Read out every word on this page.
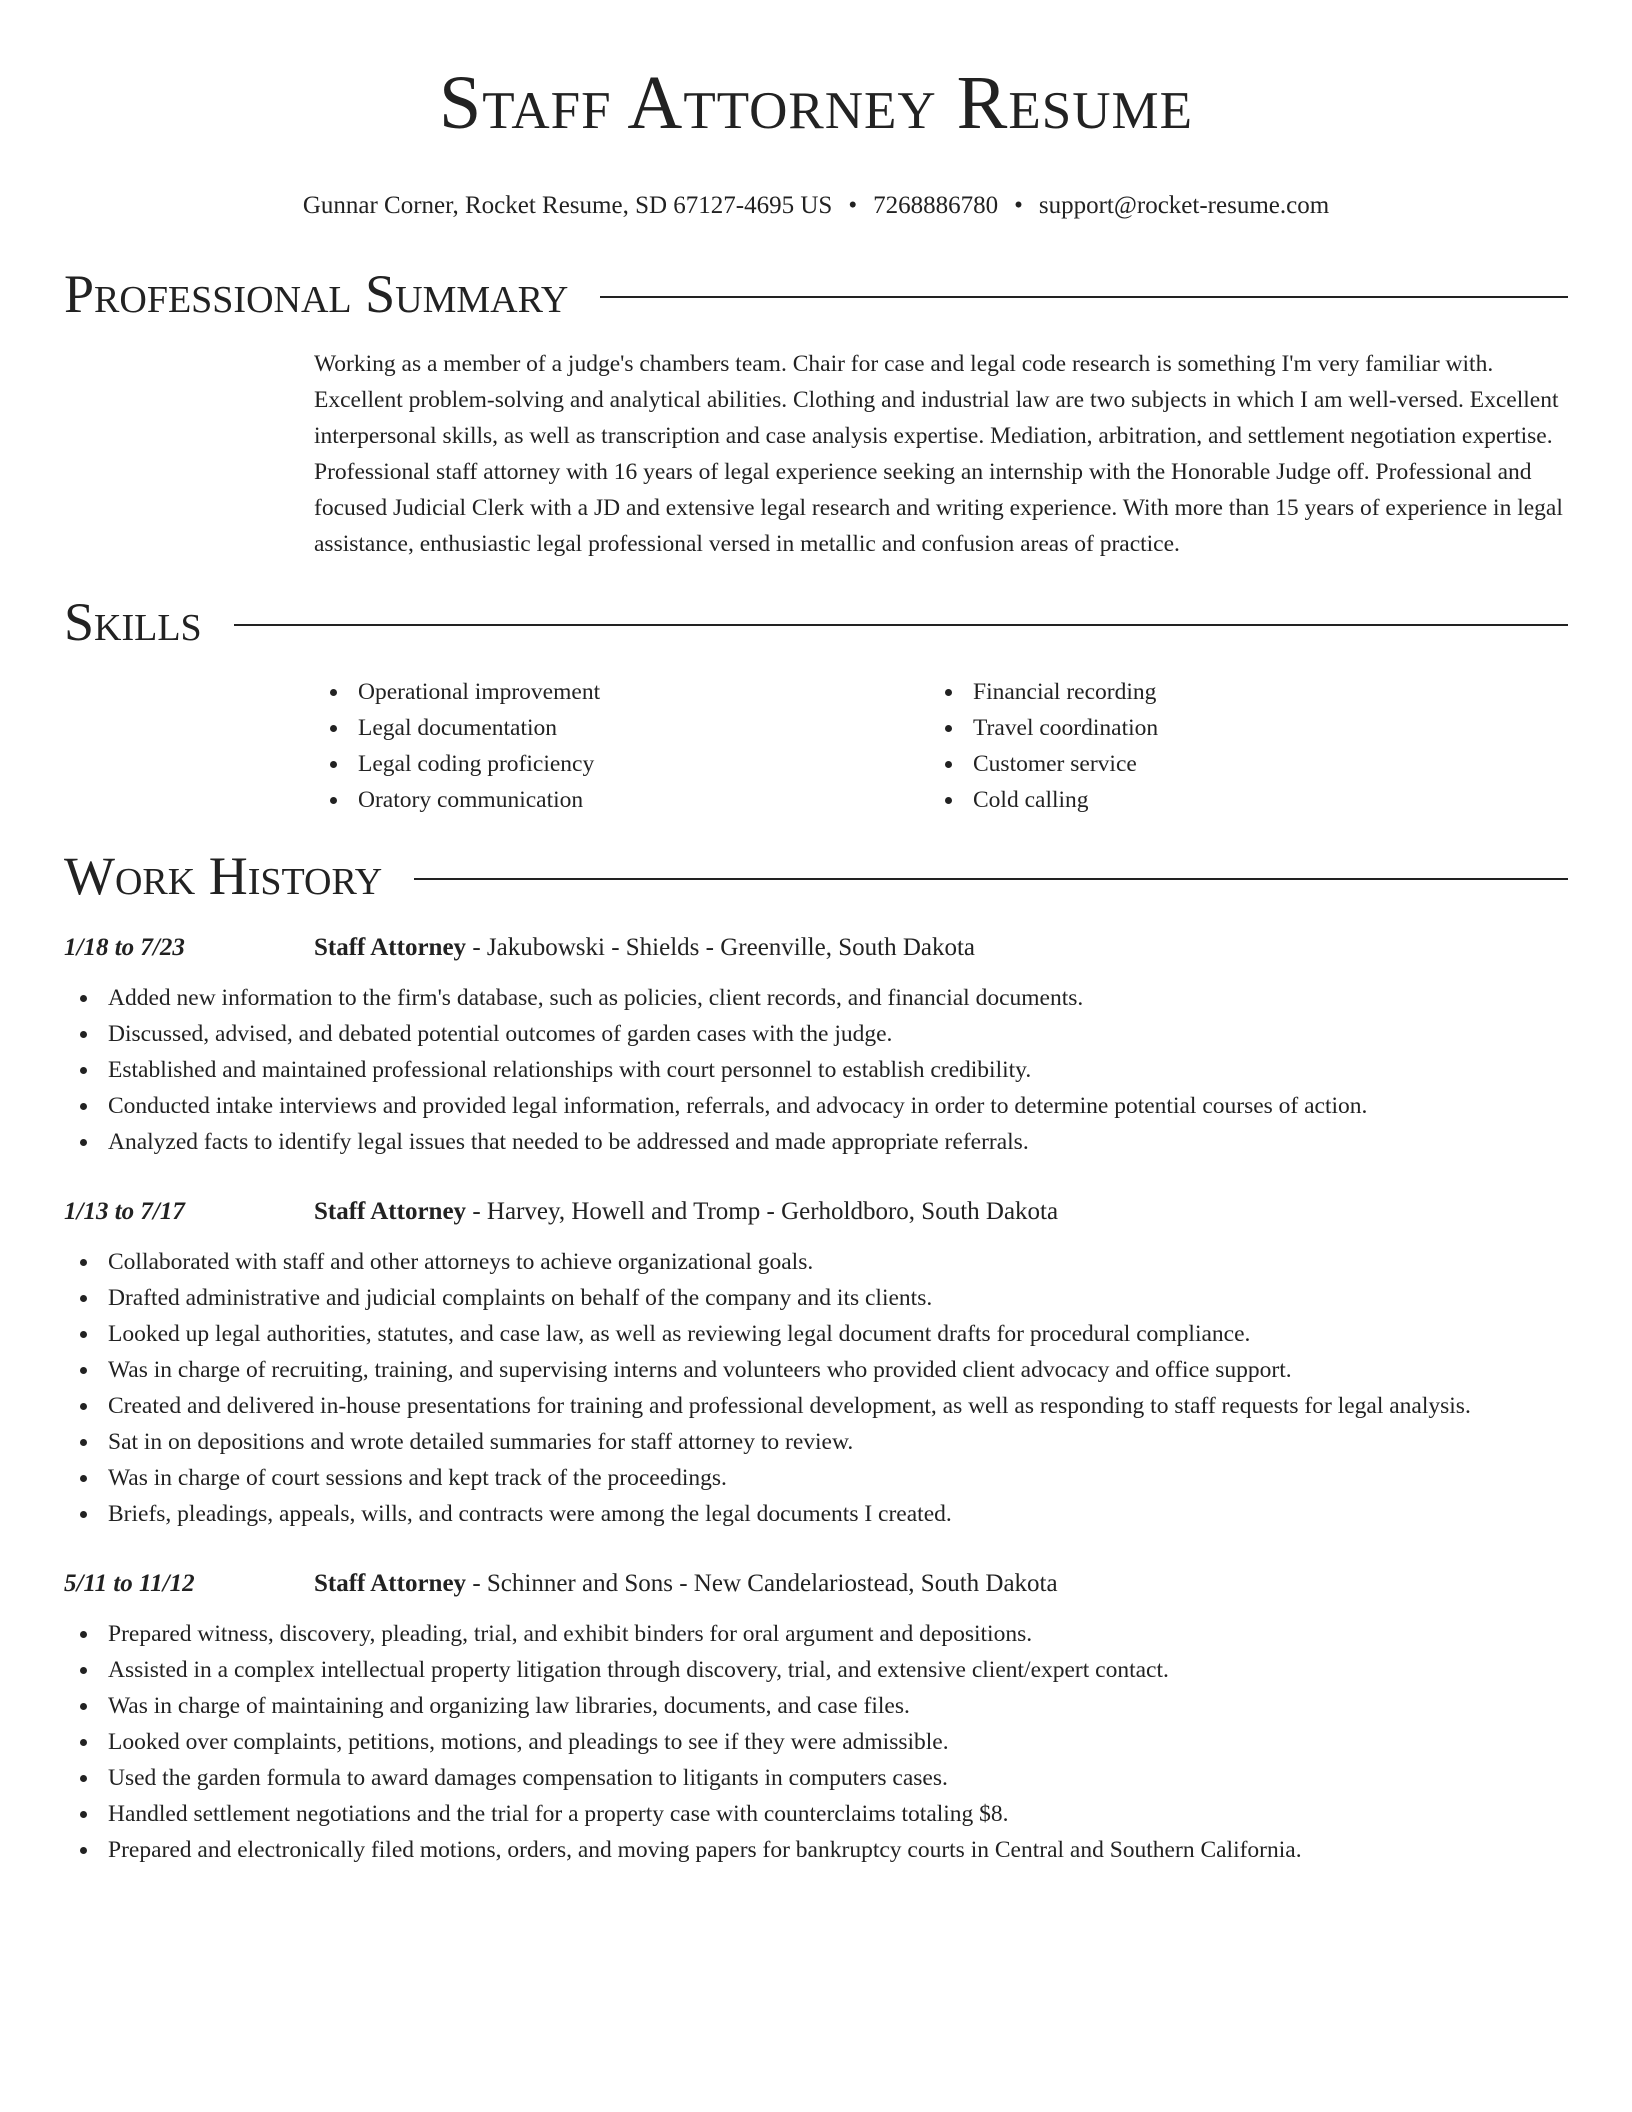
Staff Attorney Resume
Gunnar Corner, Rocket Resume, SD 67127-4695 US • 7268886780 • support@rocket-resume.com
Professional Summary

Working as a member of a judge's chambers team. Chair for case and legal code research is something I'm very familiar with. Excellent problem-solving and analytical abilities. Clothing and industrial law are two subjects in which I am well-versed. Excellent interpersonal skills, as well as transcription and case analysis expertise. Mediation, arbitration, and settlement negotiation expertise. Professional staff attorney with 16 years of legal experience seeking an internship with the Honorable Judge off. Professional and focused Judicial Clerk with a JD and extensive legal research and writing experience. With more than 15 years of experience in legal assistance, enthusiastic legal professional versed in metallic and confusion areas of practice.

Skills
Operational improvement
Legal documentation
Legal coding proficiency
Oratory communication
Financial recording
Travel coordination
Customer service
Cold calling
Work History
1/18 to 7/23	Staff Attorney - Jakubowski - Shields - Greenville, South Dakota
Added new information to the firm's database, such as policies, client records, and financial documents.
Discussed, advised, and debated potential outcomes of garden cases with the judge.
Established and maintained professional relationships with court personnel to establish credibility.
Conducted intake interviews and provided legal information, referrals, and advocacy in order to determine potential courses of action.
Analyzed facts to identify legal issues that needed to be addressed and made appropriate referrals.
1/13 to 7/17	Staff Attorney - Harvey, Howell and Tromp - Gerholdboro, South Dakota
Collaborated with staff and other attorneys to achieve organizational goals.
Drafted administrative and judicial complaints on behalf of the company and its clients.
Looked up legal authorities, statutes, and case law, as well as reviewing legal document drafts for procedural compliance.
Was in charge of recruiting, training, and supervising interns and volunteers who provided client advocacy and office support.
Created and delivered in-house presentations for training and professional development, as well as responding to staff requests for legal analysis.
Sat in on depositions and wrote detailed summaries for staff attorney to review.
Was in charge of court sessions and kept track of the proceedings.
Briefs, pleadings, appeals, wills, and contracts were among the legal documents I created.
5/11 to 11/12	Staff Attorney - Schinner and Sons - New Candelariostead, South Dakota
Prepared witness, discovery, pleading, trial, and exhibit binders for oral argument and depositions.
Assisted in a complex intellectual property litigation through discovery, trial, and extensive client/expert contact.
Was in charge of maintaining and organizing law libraries, documents, and case files.
Looked over complaints, petitions, motions, and pleadings to see if they were admissible.
Used the garden formula to award damages compensation to litigants in computers cases.
Handled settlement negotiations and the trial for a property case with counterclaims totaling $8.
Prepared and electronically filed motions, orders, and moving papers for bankruptcy courts in Central and Southern California.
